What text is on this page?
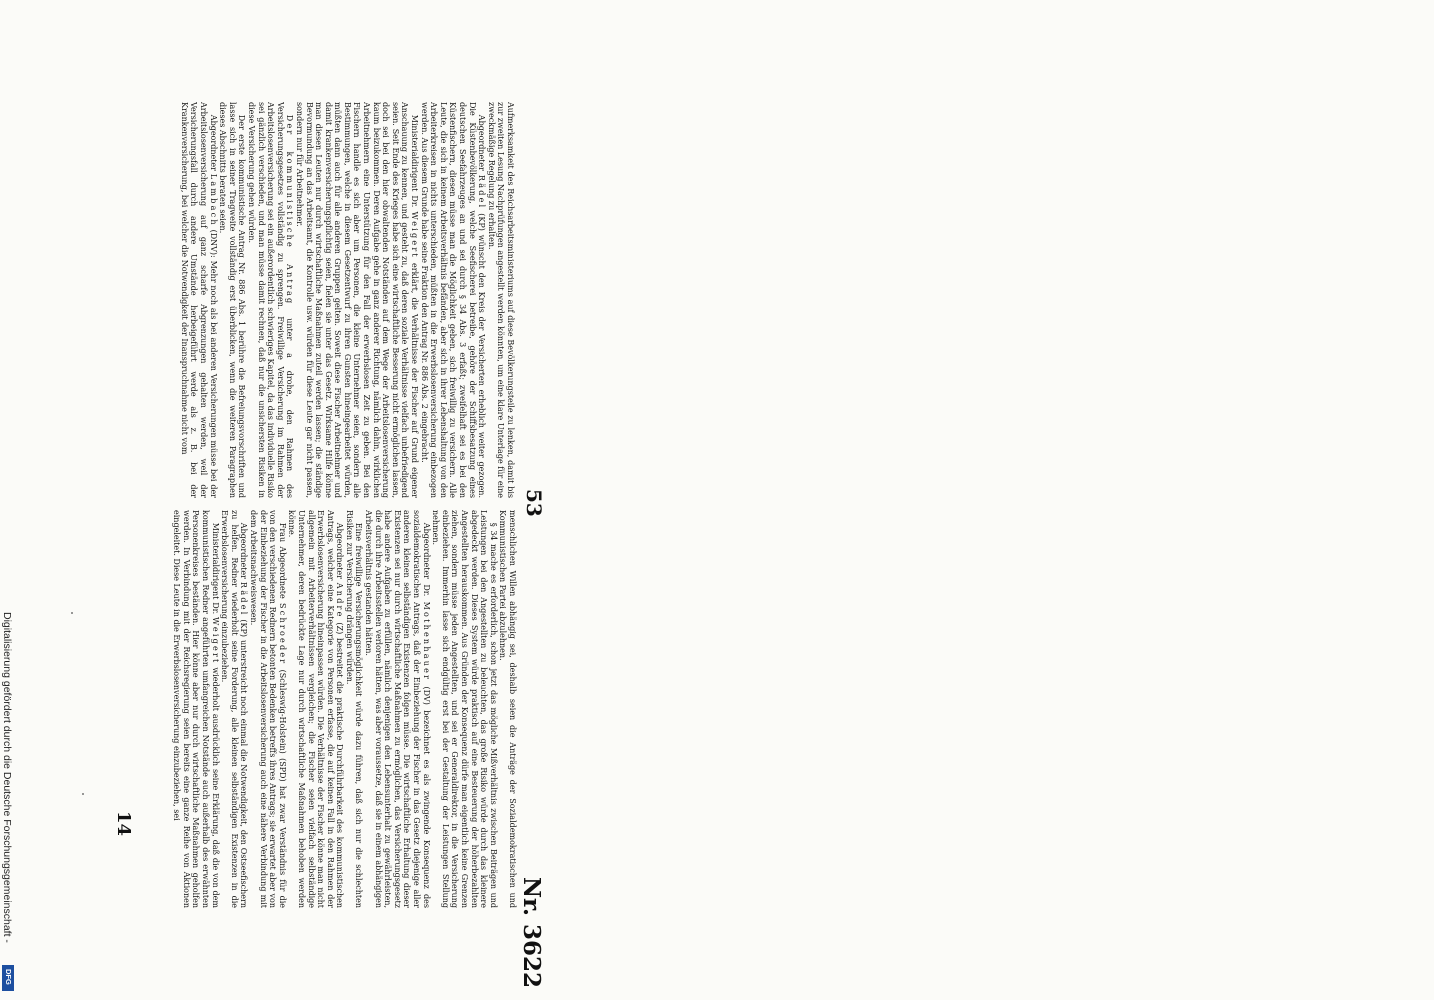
Aufmerksamkeit des Reichsarbeitsministeriums auf diese Bevölkerungsteile zu lenken, damit bis zur zweiten Lesung Nachprüfungen angestellt werden könnten, um eine klare Unterlage für eine zweckmäßige Regelung zu erhalten.

Abgeordneter Rädel (KP) wünscht den Kreis der Versicherten erheblich weiter gezogen. Die Küstenbevölkerung, welche Seefischerei betreibe, gehöre der Schiffsbesatzung eines deutschen Seefahrzeuges an und sei durch § 34 Abs. 3 erfaßt; zweifelhaft sei es bei den Küstenfischern, diesen müsse man die Möglichkeit geben, sich freiwillig zu versichern. Alle Leute, die sich in keinem Arbeitsverhältnis befänden, aber sich in ihrer Lebenshaltung von den Arbeiterkreisen in nichts unterschieden, müßten in die Erwerbslosenversicherung einbezogen werden. Aus diesem Grunde habe seine Fraktion den Antrag Nr. 886 Abs. 2 eingebracht.

Ministerialdirigent Dr. Weigert erklärt, die Verhältnisse der Fischer auf Grund eigener Anschauung zu kennen, und gesteht zu, daß deren soziale Verhältnisse vielfach unbefriedigend seien. Seit Ende des Krieges habe sich eine wirtschaftliche Besserung nicht ermöglichen lassen, doch sei bei den hier obwaltenden Notständen auf dem Wege der Arbeitslosenversicherung kaum beizukommen. Deren Aufgabe gehe in ganz anderer Richtung, nämlich dahin, wirklichen Arbeitnehmern eine Unterstützung für den Fall der erwerbslosen Zeit zu geben. Bei den Fischern handle es sich aber um Personen, die kleine Unternehmer seien, sondern alle Bestimmungen, welche in diesem Gesetzentwurf zu ihren Gunsten hineingearbeitet würden, müßten dann auch für alle anderen Gruppen gelten. Soweit diese Fischer Arbeitnehmer und damit krankenversicherungspflichtig seien, fielen sie unter das Gesetz. Wirksame Hilfe könne man diesen Leuten nur durch wirtschaftliche Maßnahmen zuteil werden lassen; die ständige Bevormundung an das Arbeitsamt, die Kontrolle usw. würden für diese Leute gar nicht passen, sondern nur für Arbeitnehmer.

Der kommunistische Antrag unter a drohe, den Rahmen des Versicherungsgesetzes vollständig zu sprengen. Freiwillige Versicherung im Rahmen der Arbeitslosenversicherung sei ein außerordentlich schwieriges Kapitel, da das individuelle Risiko sei gänzlich verschieden, und man müsse damit rechnen, daß nur die unsichersten Risiken in diese Versicherung gehen würden.

Der erste kommunistische Antrag Nr. 886 Abs. 1 berühre die Befreiungsvorschriften und lasse sich in seiner Tragweite vollständig erst überblicken, wenn die weiteren Paragraphen dieses Abschnitts beraten seien.

Abgeordneter Lambach (DNV): Mehr noch als bei anderen Versicherungen müsse bei der Arbeitslosenversicherung auf ganz scharfe Abgrenzungen gehalten werden, weil der Versicherungsfall durch andere Umstände herbeigeführt werde als z. B. bei der Krankenversicherung, bei welcher die Notwendigkeit der Inanspruchnahme nicht vom

menschlichen Willen abhängig sei, deshalb seien die Anträge der Sozialdemokratischen und Kommunistischen Partei abzulehnen.

§ 34 mache es erforderlich, schon jetzt das mögliche Mißverhältnis zwischen Beiträgen und Leistungen bei den Angestellten zu beleuchten, das große Risiko würde durch das kleinere abgedeckt werden. Dieses System würde praktisch auf eine Besteuerung der höherbezahlten Angestellten herauskommen. Aus Gründen der Konsequenz dürfe man eigentlich keine Grenzen ziehen, sondern müsse jeden Angestellten, und sei er Generaldirektor, in die Versicherung einbeziehen. Immerhin lasse sich endgültig erst bei der Gestaltung der Leistungen Stellung nehmen.

Abgeordneter Dr. Mothenhauer (DV) bezeichnet es als zwingende Konsequenz des sozialdemokratischen Antrags, daß der Einbeziehung der Fischer in das Gesetz diejenige aller anderen kleinen selbständigen Existenzen folgen müsse. Die wirtschaftliche Erhaltung dieser Existenzen sei nur durch wirtschaftliche Maßnahmen zu ermöglichen, das Versicherungsgesetz habe andere Aufgaben zu erfüllen, nämlich denjenigen den Lebensunterhalt zu gewährleisten, die durch ihre Arbeitsstellen verloren hätten, was aber voraussetze, daß sie in einem abhängigen Arbeitsverhältnis gestanden hätten.

Eine freiwillige Versicherungsmöglichkeit würde dazu führen, daß sich nur die schlechten Risiken zur Versicherung drängen würden.

Abgeordneter Andre (Z) bestreitet die praktische Durchführbarkeit des kommunistischen Antrags, welcher eine Kategorie von Personen erfasse, die auf keinen Fall in den Rahmen der Erwerbslosenversicherung hineinpassen würden. Die Verhältnisse der Fischer könne man nicht allgemein mit Arbeiterverhältnissen vergleichen; die Fischer seien vielfach selbständige Unternehmer, deren bedrückte Lage nur durch wirtschaftliche Maßnahmen behoben werden könne.

Frau Abgeordnete Schroeder (Schleswig-Holstein) (SPD) hat zwar Verständnis für die von den verschiedenen Rednern betonten Bedenken betreffs ihres Antrags; sie erwartet aber von der Einbeziehung der Fischer in die Arbeitslosenversicherung auch eine nähere Verbindung mit dem Arbeitsnachweiswesen.

Abgeordneter Rädel (KP) unterstreicht noch einmal die Notwendigkeit, den Ostseefischern zu helfen. Redner wiederholt seine Forderung, alle kleinen selbständigen Existenzen in die Erwerbslosenversicherung einzubeziehen.

Ministerialdirigent Dr. Weigert wiederholt ausdrücklich seine Erklärung, daß die von dem kommunistischen Redner angeführten umfangreichen Notstände auch außerhalb des erwähnten Personenkreises beständen. Hier könne aber nur durch wirtschaftliche Maßnahmen geholfen werden. In Verbindung mit der Reichsregierung seien bereits eine ganze Reihe von Aktionen eingeleitet. Diese Leute in die Erwerbslosenversicherung einzubeziehen, sei

53
Nr. 3622
14
Digitalisierung gefördert durch die Deutsche Forschungsgemeinschaft -
DFG
